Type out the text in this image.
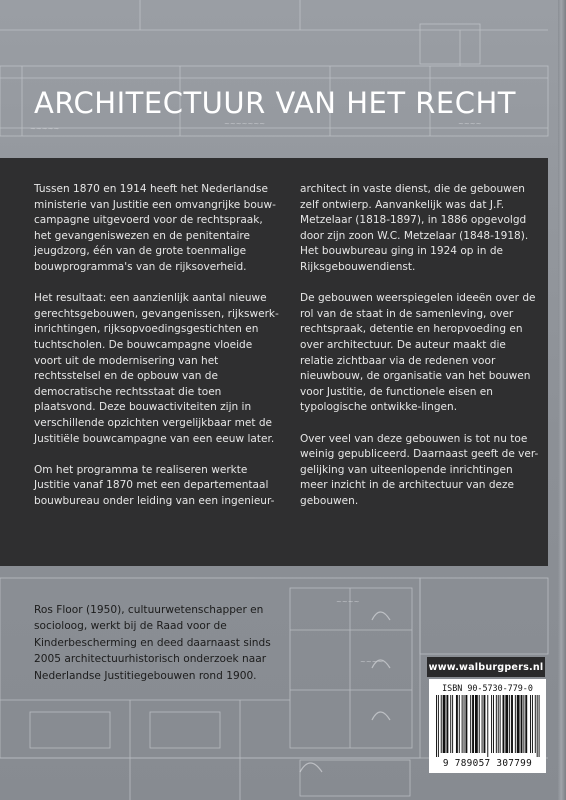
~~~~~
~~~~~~~	~~~~
~~~~
~~~~
ARCHITECTUUR VAN HET RECHT

Tussen 1870 en 1914 heeft het Nederlandse ministerie van Justitie een omvangrijke bouw-campagne uitgevoerd voor de rechtspraak, het gevangeniswezen en de penitentaire jeugdzorg, één van de grote toenmalige bouwprogramma's van de rijksoverheid.

Het resultaat: een aanzienlijk aantal nieuwe gerechtsgebouwen, gevangenissen, rijkswerk-inrichtingen, rijksopvoedingsgestichten en tuchtscholen. De bouwcampagne vloeide voort uit de modernisering van het rechtsstelsel en de opbouw van de democratische rechtsstaat die toen plaatsvond. Deze bouwactiviteiten zijn in verschillende opzichten vergelijkbaar met de Justitiële bouwcampagne van een eeuw later.

Om het programma te realiseren werkte Justitie vanaf 1870 met een departementaal bouwbureau onder leiding van een ingenieur-

architect in vaste dienst, die de gebouwen zelf ontwierp. Aanvankelijk was dat J.F. Metzelaar (1818-1897), in 1886 opgevolgd door zijn zoon W.C. Metzelaar (1848-1918). Het bouwbureau ging in 1924 op in de Rijksgebouwendienst.

De gebouwen weerspiegelen ideeën over de rol van de staat in de samenleving, over rechtspraak, detentie en heropvoeding en over architectuur. De auteur maakt die relatie zichtbaar via de redenen voor nieuwbouw, de organisatie van het bouwen voor Justitie, de functionele eisen en typologische ontwikke-lingen.

Over veel van deze gebouwen is tot nu toe weinig gepubliceerd. Daarnaast geeft de ver-gelijking van uiteenlopende inrichtingen meer inzicht in de architectuur van deze gebouwen.

Ros Floor (1950), cultuurwetenschapper en socioloog, werkt bij de Raad voor de Kinderbescherming en deed daarnaast sinds 2005 architectuurhistorisch onderzoek naar Nederlandse Justitiegebouwen rond 1900.
www.walburgpers.nl
ISBN 90-5730-779-0
9 789057 307799
